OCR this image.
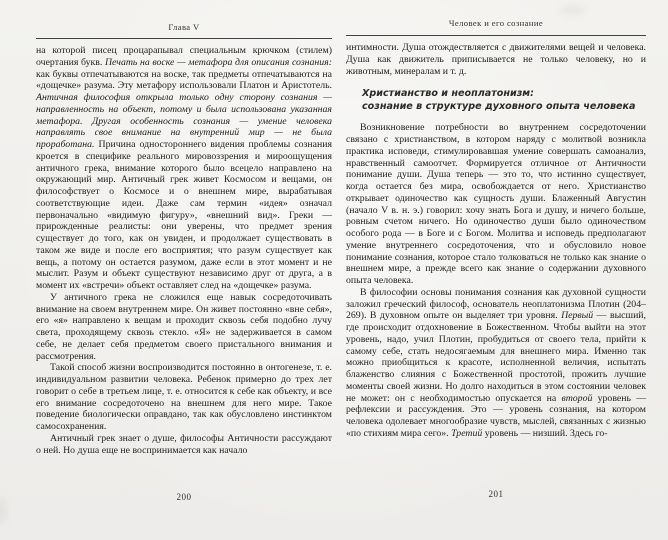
Глава V

на которой писец процарапывал специальным крючком (стилем) очертания букв. Печать на воске — метафора для описания сознания: как буквы отпечатываются на воске, так предметы отпечатываются на «дощечке» разума. Эту метафору использовали Платон и Аристотель. Античная философия открыла только одну сторону сознания — направленность на объект, потому и была использована указанная метафора. Другая особенность сознания — умение человека направлять свое внимание на внутренний мир — не была проработана. Причина одностороннего видения проблемы сознания кроется в специфике реального мировоззрения и мироощущения античного грека, внимание которого было всецело направлено на окружающий мир. Античный грек живет Космосом и вещами, он философствует о Космосе и о внешнем мире, вырабатывая соответствующие идеи. Даже сам термин «идея» означал первоначально «видимую фигуру», «внешний вид». Греки — прирожденные реалисты: они уверены, что предмет зрения существует до того, как он увиден, и продолжает существовать в таком же виде и после его восприятия; что разум существует как вещь, а потому он остается разумом, даже если в этот момент и не мыслит. Разум и объект существуют независимо друг от друга, а в момент их «встречи» объект оставляет след на «дощечке» разума.

У античного грека не сложился еще навык сосредоточивать внимание на своем внутреннем мире. Он живет постоянно «вне себя», его «я» направлено к вещам и проходит сквозь себя подобно лучу света, проходящему сквозь стекло. «Я» не задерживается в самом себе, не делает себя предметом своего пристального внимания и рассмотрения.

Такой способ жизни воспроизводится постоянно в онтогенезе, т. е. индивидуальном развитии человека. Ребенок примерно до трех лет говорит о себе в третьем лице, т. е. относится к себе как объекту, и все его внимание сосредоточено на внешнем для него мире. Такое поведение биологически оправдано, так как обусловлено инстинктом самосохранения.

Античный грек знает о душе, философы Античности рассуждают о ней. Но душа еще не воспринимается как начало

200
Человек и его сознание

интимности. Душа отождествляется с движителями вещей и человека. Душа как движитель приписывается не только человеку, но и животным, минералам и т. д.

Христианство и неоплатонизм:
сознание в структуре духовного опыта человека

Возникновение потребности во внутреннем сосредоточении связано с христианством, в котором наряду с молитвой возникла практика исповеди, стимулировавшая умение совершать самоанализ, нравственный самоотчет. Формируется отличное от Античности понимание души. Душа теперь — это то, что истинно существует, когда остается без мира, освобождается от него. Христианство открывает одиночество как сущность души. Блаженный Августин (начало V в. н. э.) говорил: хочу знать Бога и душу, и ничего больше, ровным счетом ничего. Но одиночество души было одиночеством особого рода — в Боге и с Богом. Молитва и исповедь предполагают умение внутреннего сосредоточения, что и обусловило новое понимание сознания, которое стало толковаться не только как знание о внешнем мире, а прежде всего как знание о содержании духовного опыта человека.

В философии основы понимания сознания как духовной сущности заложил греческий философ, основатель неоплатонизма Плотин (204–269). В духовном опыте он выделяет три уровня. Первый — высший, где происходит отдохновение в Божественном. Чтобы выйти на этот уровень, надо, учил Плотин, пробудиться от своего тела, прийти к самому себе, стать недосягаемым для внешнего мира. Именно так можно приобщиться к красоте, исполненной величия, испытать блаженство слияния с Божественной простотой, прожить лучшие моменты своей жизни. Но долго находиться в этом состоянии человек не может: он с необходимостью опускается на второй уровень — рефлексии и рассуждения. Это — уровень сознания, на котором человека одолевает многообразие чувств, мыслей, связанных с жизнью «по стихиям мира сего». Третий уровень — низший. Здесь го-

201
